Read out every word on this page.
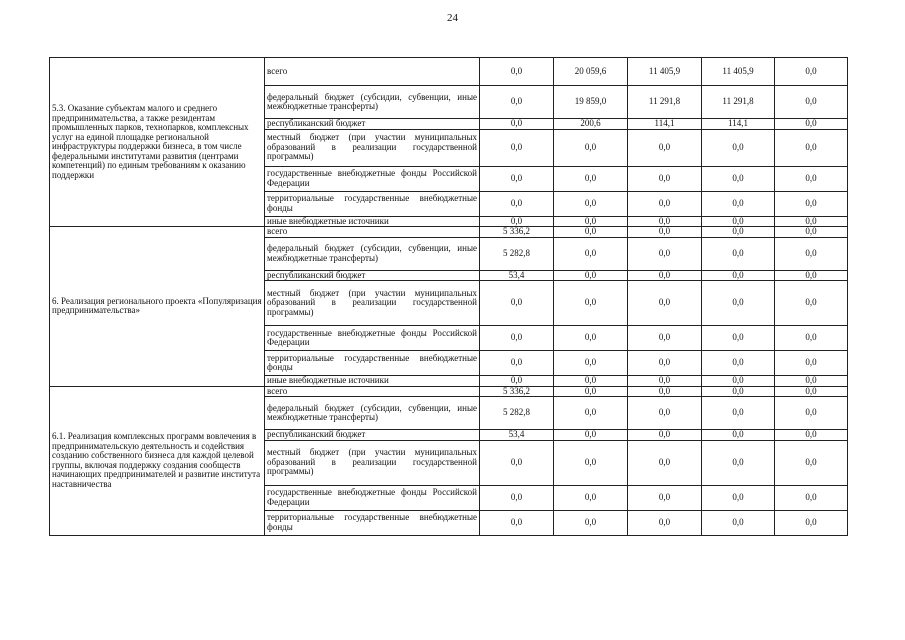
24
5.3. Оказание субъектам малого и среднего предпринимательства, а также резидентам промышленных парков, технопарков, комплексных услуг на единой площадке региональной инфраструктуры поддержки бизнеса, в том числе федеральными институтами развития (центрами компетенций) по единым требованиям к оказанию поддержки	всего	0,0	20 059,6	11 405,9	11 405,9	0,0
	федеральный бюджет (субсидии, субвенции, иные межбюджетные трансферты)	0,0	19 859,0	11 291,8	11 291,8	0,0
	республиканский бюджет	0,0	200,6	114,1	114,1	0,0
	местный бюджет (при участии муниципальных образований в реализации государственной программы)	0,0	0,0	0,0	0,0	0,0
	государственные внебюджетные фонды Российской Федерации	0,0	0,0	0,0	0,0	0,0
	территориальные государственные внебюджетные фонды	0,0	0,0	0,0	0,0	0,0
	иные внебюджетные источники	0,0	0,0	0,0	0,0	0,0
6. Реализация регионального проекта «Популяризация предпринимательства»	всего	5 336,2	0,0	0,0	0,0	0,0
	федеральный бюджет (субсидии, субвенции, иные межбюджетные трансферты)	5 282,8	0,0	0,0	0,0	0,0
	республиканский бюджет	53,4	0,0	0,0	0,0	0,0
	местный бюджет (при участии муниципальных образований в реализации государственной программы)	0,0	0,0	0,0	0,0	0,0
	государственные внебюджетные фонды Российской Федерации	0,0	0,0	0,0	0,0	0,0
	территориальные государственные внебюджетные фонды	0,0	0,0	0,0	0,0	0,0
	иные внебюджетные источники	0,0	0,0	0,0	0,0	0,0
6.1. Реализация комплексных программ вовлечения в предпринимательскую деятельность и содействия созданию собственного бизнеса для каждой целевой группы, включая поддержку создания сообществ начинающих предпринимателей и развитие института наставничества	всего	5 336,2	0,0	0,0	0,0	0,0
	федеральный бюджет (субсидии, субвенции, иные межбюджетные трансферты)	5 282,8	0,0	0,0	0,0	0,0
	республиканский бюджет	53,4	0,0	0,0	0,0	0,0
	местный бюджет (при участии муниципальных образований в реализации государственной программы)	0,0	0,0	0,0	0,0	0,0
	государственные внебюджетные фонды Российской Федерации	0,0	0,0	0,0	0,0	0,0
	территориальные государственные внебюджетные фонды	0,0	0,0	0,0	0,0	0,0
